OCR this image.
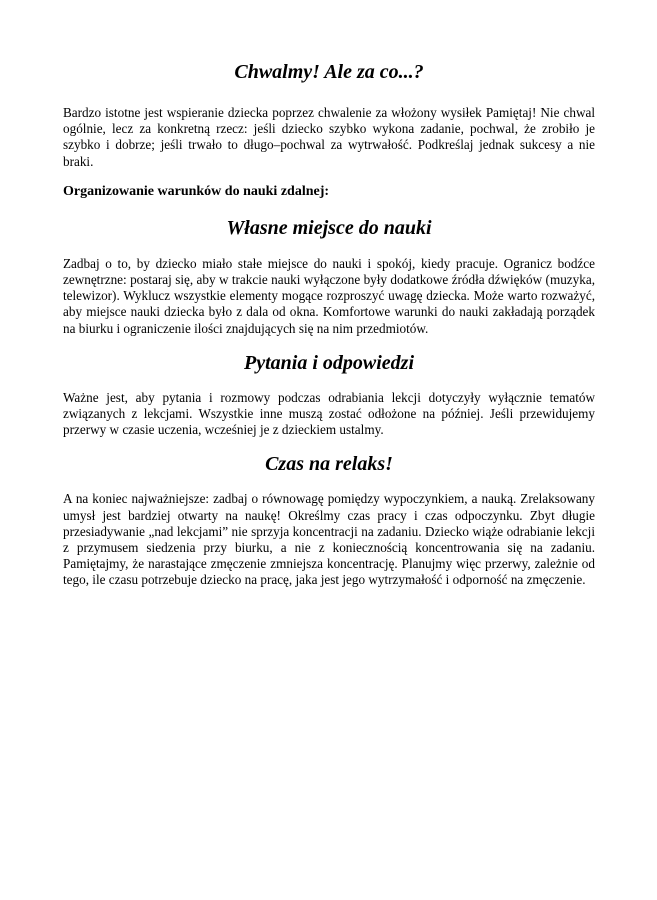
Chwalmy! Ale za co...?

Bardzo istotne jest wspieranie dziecka poprzez chwalenie za włożony wysiłek Pamiętaj! Nie chwal ogólnie, lecz za konkretną rzecz: jeśli dziecko szybko wykona zadanie, pochwal, że zrobiło je szybko i dobrze; jeśli trwało to długo–pochwal za wytrwałość. Podkreślaj jednak sukcesy a nie braki.

Organizowanie warunków do nauki zdalnej:
Własne miejsce do nauki

Zadbaj o to, by dziecko miało stałe miejsce do nauki i spokój, kiedy pracuje. Ogranicz bodźce zewnętrzne: postaraj się, aby w trakcie nauki wyłączone były dodatkowe źródła dźwięków (muzyka, telewizor). Wyklucz wszystkie elementy mogące rozproszyć uwagę dziecka. Może warto rozważyć, aby miejsce nauki dziecka było z dala od okna. Komfortowe warunki do nauki zakładają porządek na biurku i ograniczenie ilości znajdujących się na nim przedmiotów.

Pytania i odpowiedzi

Ważne jest, aby pytania i rozmowy podczas odrabiania lekcji dotyczyły wyłącznie tematów związanych z lekcjami. Wszystkie inne muszą zostać odłożone na później. Jeśli przewidujemy przerwy w czasie uczenia, wcześniej je z dzieckiem ustalmy.

Czas na relaks!

A na koniec najważniejsze: zadbaj o równowagę pomiędzy wypoczynkiem, a nauką. Zrelaksowany umysł jest bardziej otwarty na naukę! Określmy czas pracy i czas odpoczynku. Zbyt długie przesiadywanie „nad lekcjami” nie sprzyja koncentracji na zadaniu. Dziecko wiąże odrabianie lekcji z przymusem siedzenia przy biurku, a nie z koniecznością koncentrowania się na zadaniu. Pamiętajmy, że narastające zmęczenie zmniejsza koncentrację. Planujmy więc przerwy, zależnie od tego, ile czasu potrzebuje dziecko na pracę, jaka jest jego wytrzymałość i odporność na zmęczenie.
